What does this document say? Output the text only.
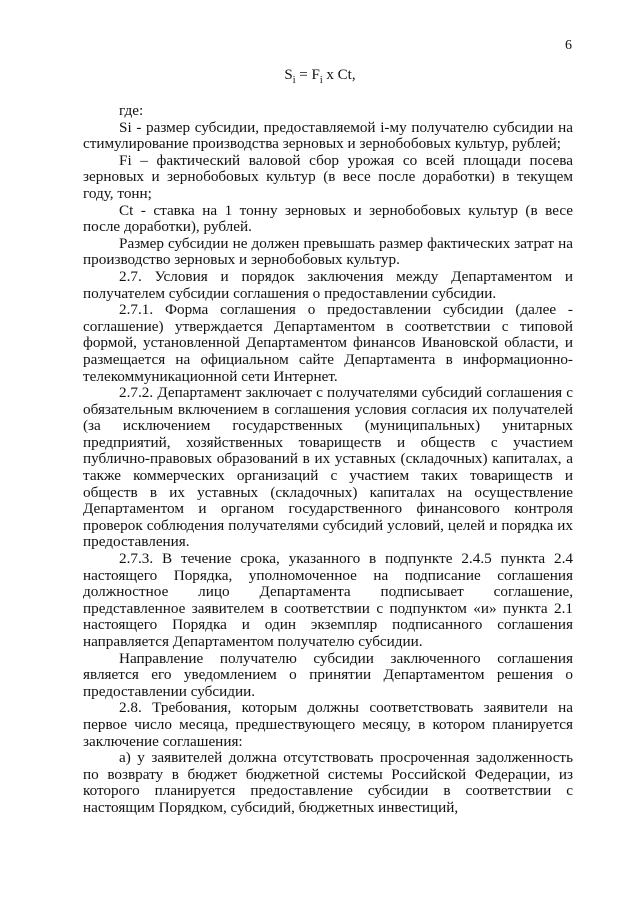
6
$S_i = F_i$ x Ct,

где:

Si - размер субсидии, предоставляемой i-му получателю субсидии на стимулирование производства зерновых и зернобобовых культур, рублей;

Fi – фактический валовой сбор урожая со всей площади посева зерновых и зернобобовых культур (в весе после доработки) в текущем году, тонн;

Ct - ставка на 1 тонну зерновых и зернобобовых культур (в весе после доработки), рублей.

Размер субсидии не должен превышать размер фактических затрат на производство зерновых и зернобобовых культур.

2.7. Условия и порядок заключения между Департаментом и получателем субсидии соглашения о предоставлении субсидии.

2.7.1. Форма соглашения о предоставлении субсидии (далее - соглашение) утверждается Департаментом в соответствии с типовой формой, установленной Департаментом финансов Ивановской области, и размещается на официальном сайте Департамента в информационно-телекоммуникационной сети Интернет.

2.7.2. Департамент заключает с получателями субсидий соглашения с обязательным включением в соглашения условия согласия их получателей (за исключением государственных (муниципальных) унитарных предприятий, хозяйственных товариществ и обществ с участием публично-правовых образований в их уставных (складочных) капиталах, а также коммерческих организаций с участием таких товариществ и обществ в их уставных (складочных) капиталах на осуществление Департаментом и органом государственного финансового контроля проверок соблюдения получателями субсидий условий, целей и порядка их предоставления.

2.7.3. В течение срока, указанного в подпункте 2.4.5 пункта 2.4 настоящего Порядка, уполномоченное на подписание соглашения должностное лицо Департамента подписывает соглашение, представленное заявителем в соответствии с подпунктом «и» пункта 2.1 настоящего Порядка и один экземпляр подписанного соглашения направляется Департаментом получателю субсидии.

Направление получателю субсидии заключенного соглашения является его уведомлением о принятии Департаментом решения о предоставлении субсидии.

2.8. Требования, которым должны соответствовать заявители на первое число месяца, предшествующего месяцу, в котором планируется заключение соглашения:

а) у заявителей должна отсутствовать просроченная задолженность по возврату в бюджет бюджетной системы Российской Федерации, из которого планируется предоставление субсидии в соответствии с настоящим Порядком, субсидий, бюджетных инвестиций,
